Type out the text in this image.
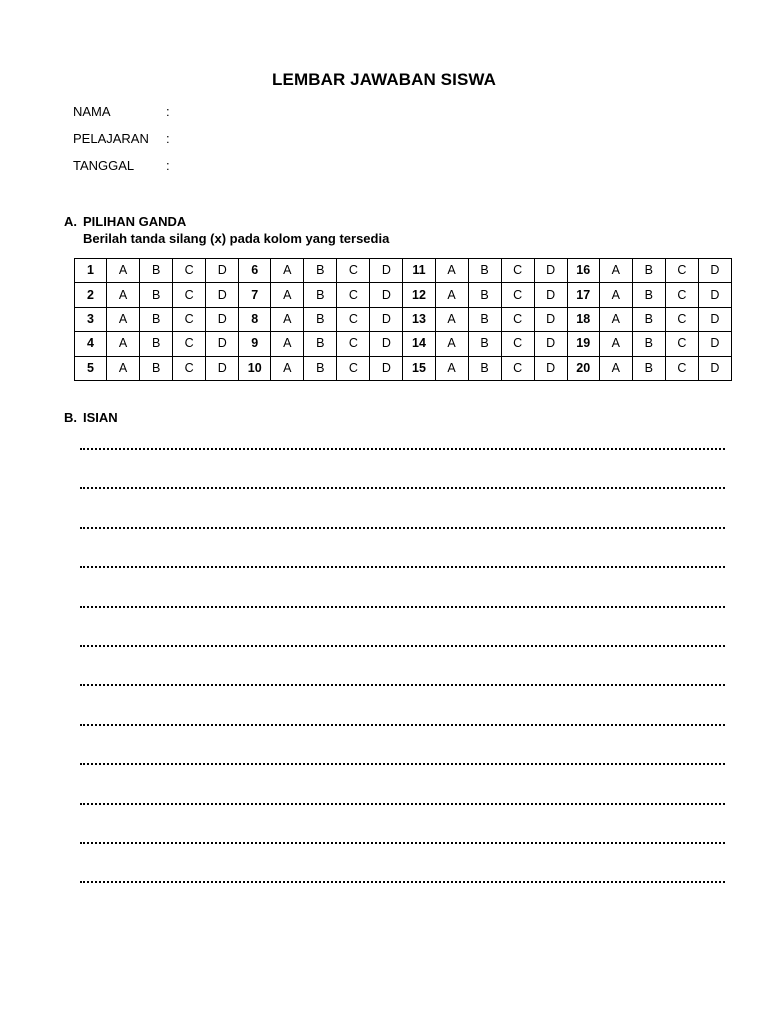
LEMBAR JAWABAN SISWA
NAMA	:
PELAJARAN :
TANGGAL :
A. PILIHAN GANDA
Berilah tanda silang (x) pada kolom yang tersedia
1	A	B	C	D	6	A	B	C	D	11	A	B	C	D	16	A	B	C	D
2	A	B	C	D	7	A	B	C	D	12	A	B	C	D	17	A	B	C	D
3	A	B	C	D	8	A	B	C	D	13	A	B	C	D	18	A	B	C	D
4	A	B	C	D	9	A	B	C	D	14	A	B	C	D	19	A	B	C	D
5	A	B	C	D	10	A	B	C	D	15	A	B	C	D	20	A	B	C	D
B. ISIAN
